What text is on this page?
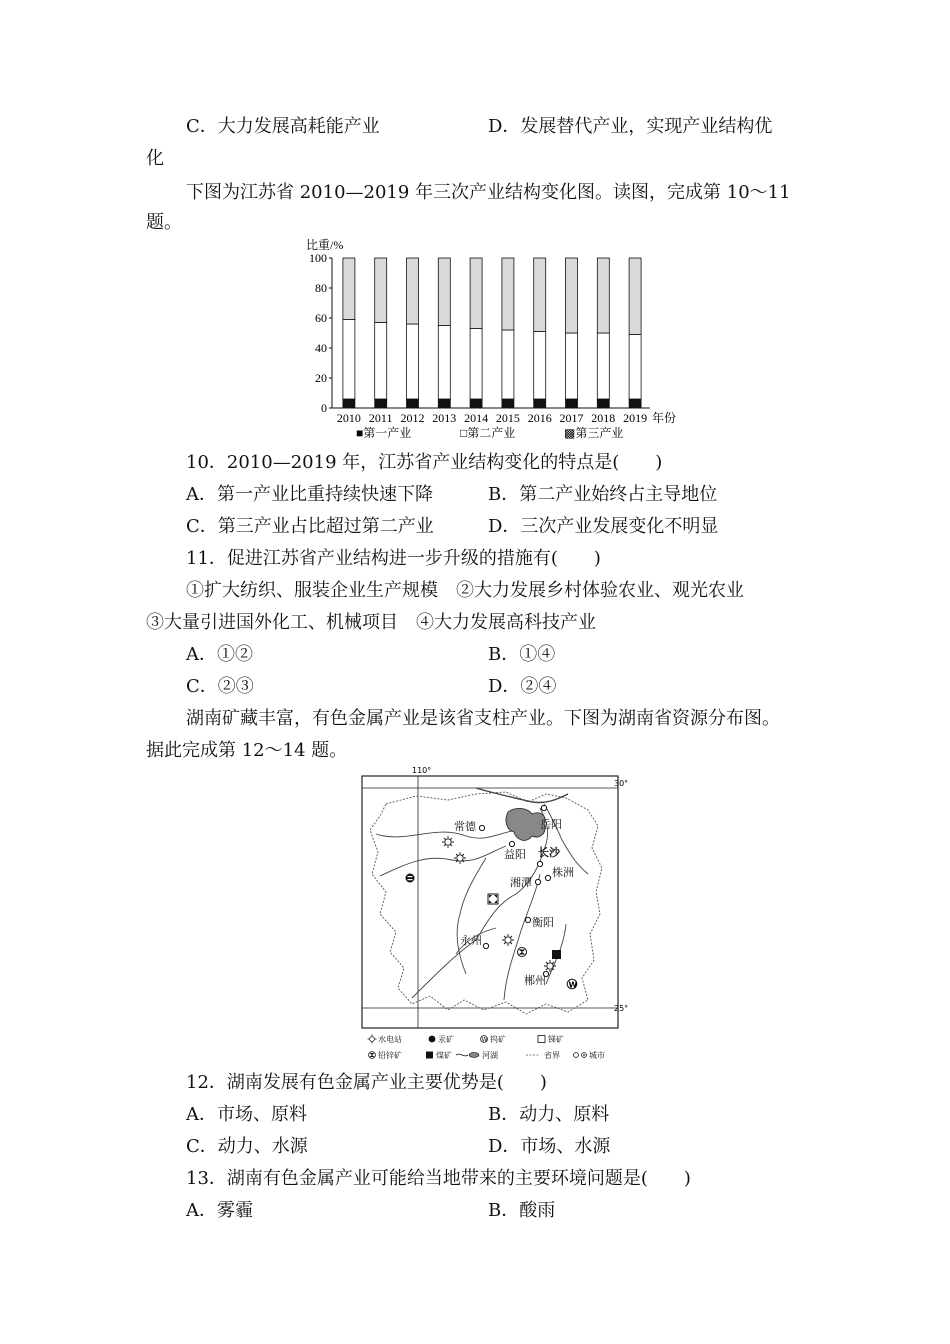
C．大力发展高耗能产业	D．发展替代产业，实现产业结构优
化
下图为江苏省 2010—2019 年三次产业结构变化图。读图，完成第 10～11
题。
比重/%
0
20
40
60
80
100
2010 2011 2012 2013 2014 2015 2016 2017 2018 2019 年份
■第一产业	□第二产业	▩第三产业
10．2010—2019 年，江苏省产业结构变化的特点是(　　)
A．第一产业比重持续快速下降	B．第二产业始终占主导地位
C．第三产业占比超过第二产业	D．三次产业发展变化不明显
11．促进江苏省产业结构进一步升级的措施有(　　)
①扩大纺织、服装企业生产规模　②大力发展乡村体验农业、观光农业
③大量引进国外化工、机械项目　④大力发展高科技产业
A．①②	B．①④
C．②③	D．②④
湖南矿藏丰富，有色金属产业是该省支柱产业。下图为湖南省资源分布图。
据此完成第 12～14 题。
110°
30°
25°
常德	岳阳
益阳 长沙
株洲
湘潭
衡阳
永州
郴州	W
水电站	汞矿	W 钨矿	锑矿
铅锌矿	煤矿	河湖	省界	城市
12．湖南发展有色金属产业主要优势是(　　)
A．市场、原料	B．动力、原料
C．动力、水源	D．市场、水源
13．湖南有色金属产业可能给当地带来的主要环境问题是(　　)
A．雾霾	B．酸雨
